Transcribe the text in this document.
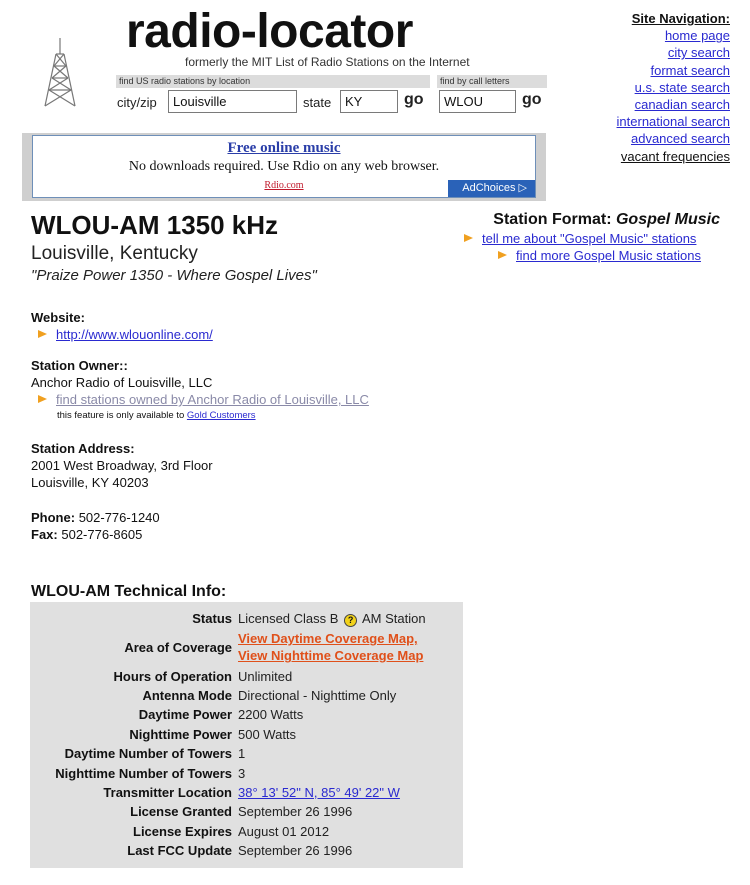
radio-locator
formerly the MIT List of Radio Stations on the Internet
find US radio stations by location
city/zip
Louisville	state
KY	go
find by call letters
WLOU
go
Site Navigation:
home page
city search
format search
u.s. state search
canadian search
international search
advanced search
vacant frequencies
Free online music
No downloads required. Use Rdio on any web browser.
Rdio.com	AdChoices ▷
WLOU-AM 1350 kHz
Louisville, Kentucky
"Praize Power 1350 - Where Gospel Lives"
Station Format: Gospel Music
tell me about "Gospel Music" stations
find more Gospel Music stations
Website:
http://www.wlouonline.com/
Station Owner::
Anchor Radio of Louisville, LLC
find stations owned by Anchor Radio of Louisville, LLC
this feature is only available to Gold Customers
Station Address:
2001 West Broadway, 3rd Floor
Louisville, KY 40203
Phone: 502-776-1240
Fax: 502-776-8605
WLOU-AM Technical Info:
Status	Licensed Class B ? AM Station
Area of Coverage	View Daytime Coverage Map,
View Nighttime Coverage Map

Hours of Operation	Unlimited
Antenna Mode	Directional - Nighttime Only
Daytime Power	2200 Watts
Nighttime Power	500 Watts
Daytime Number of Towers	1
Nighttime Number of Towers	3
Transmitter Location	38° 13' 52" N, 85° 49' 22" W
License Granted	September 26 1996
License Expires	August 01 2012
Last FCC Update	September 26 1996
